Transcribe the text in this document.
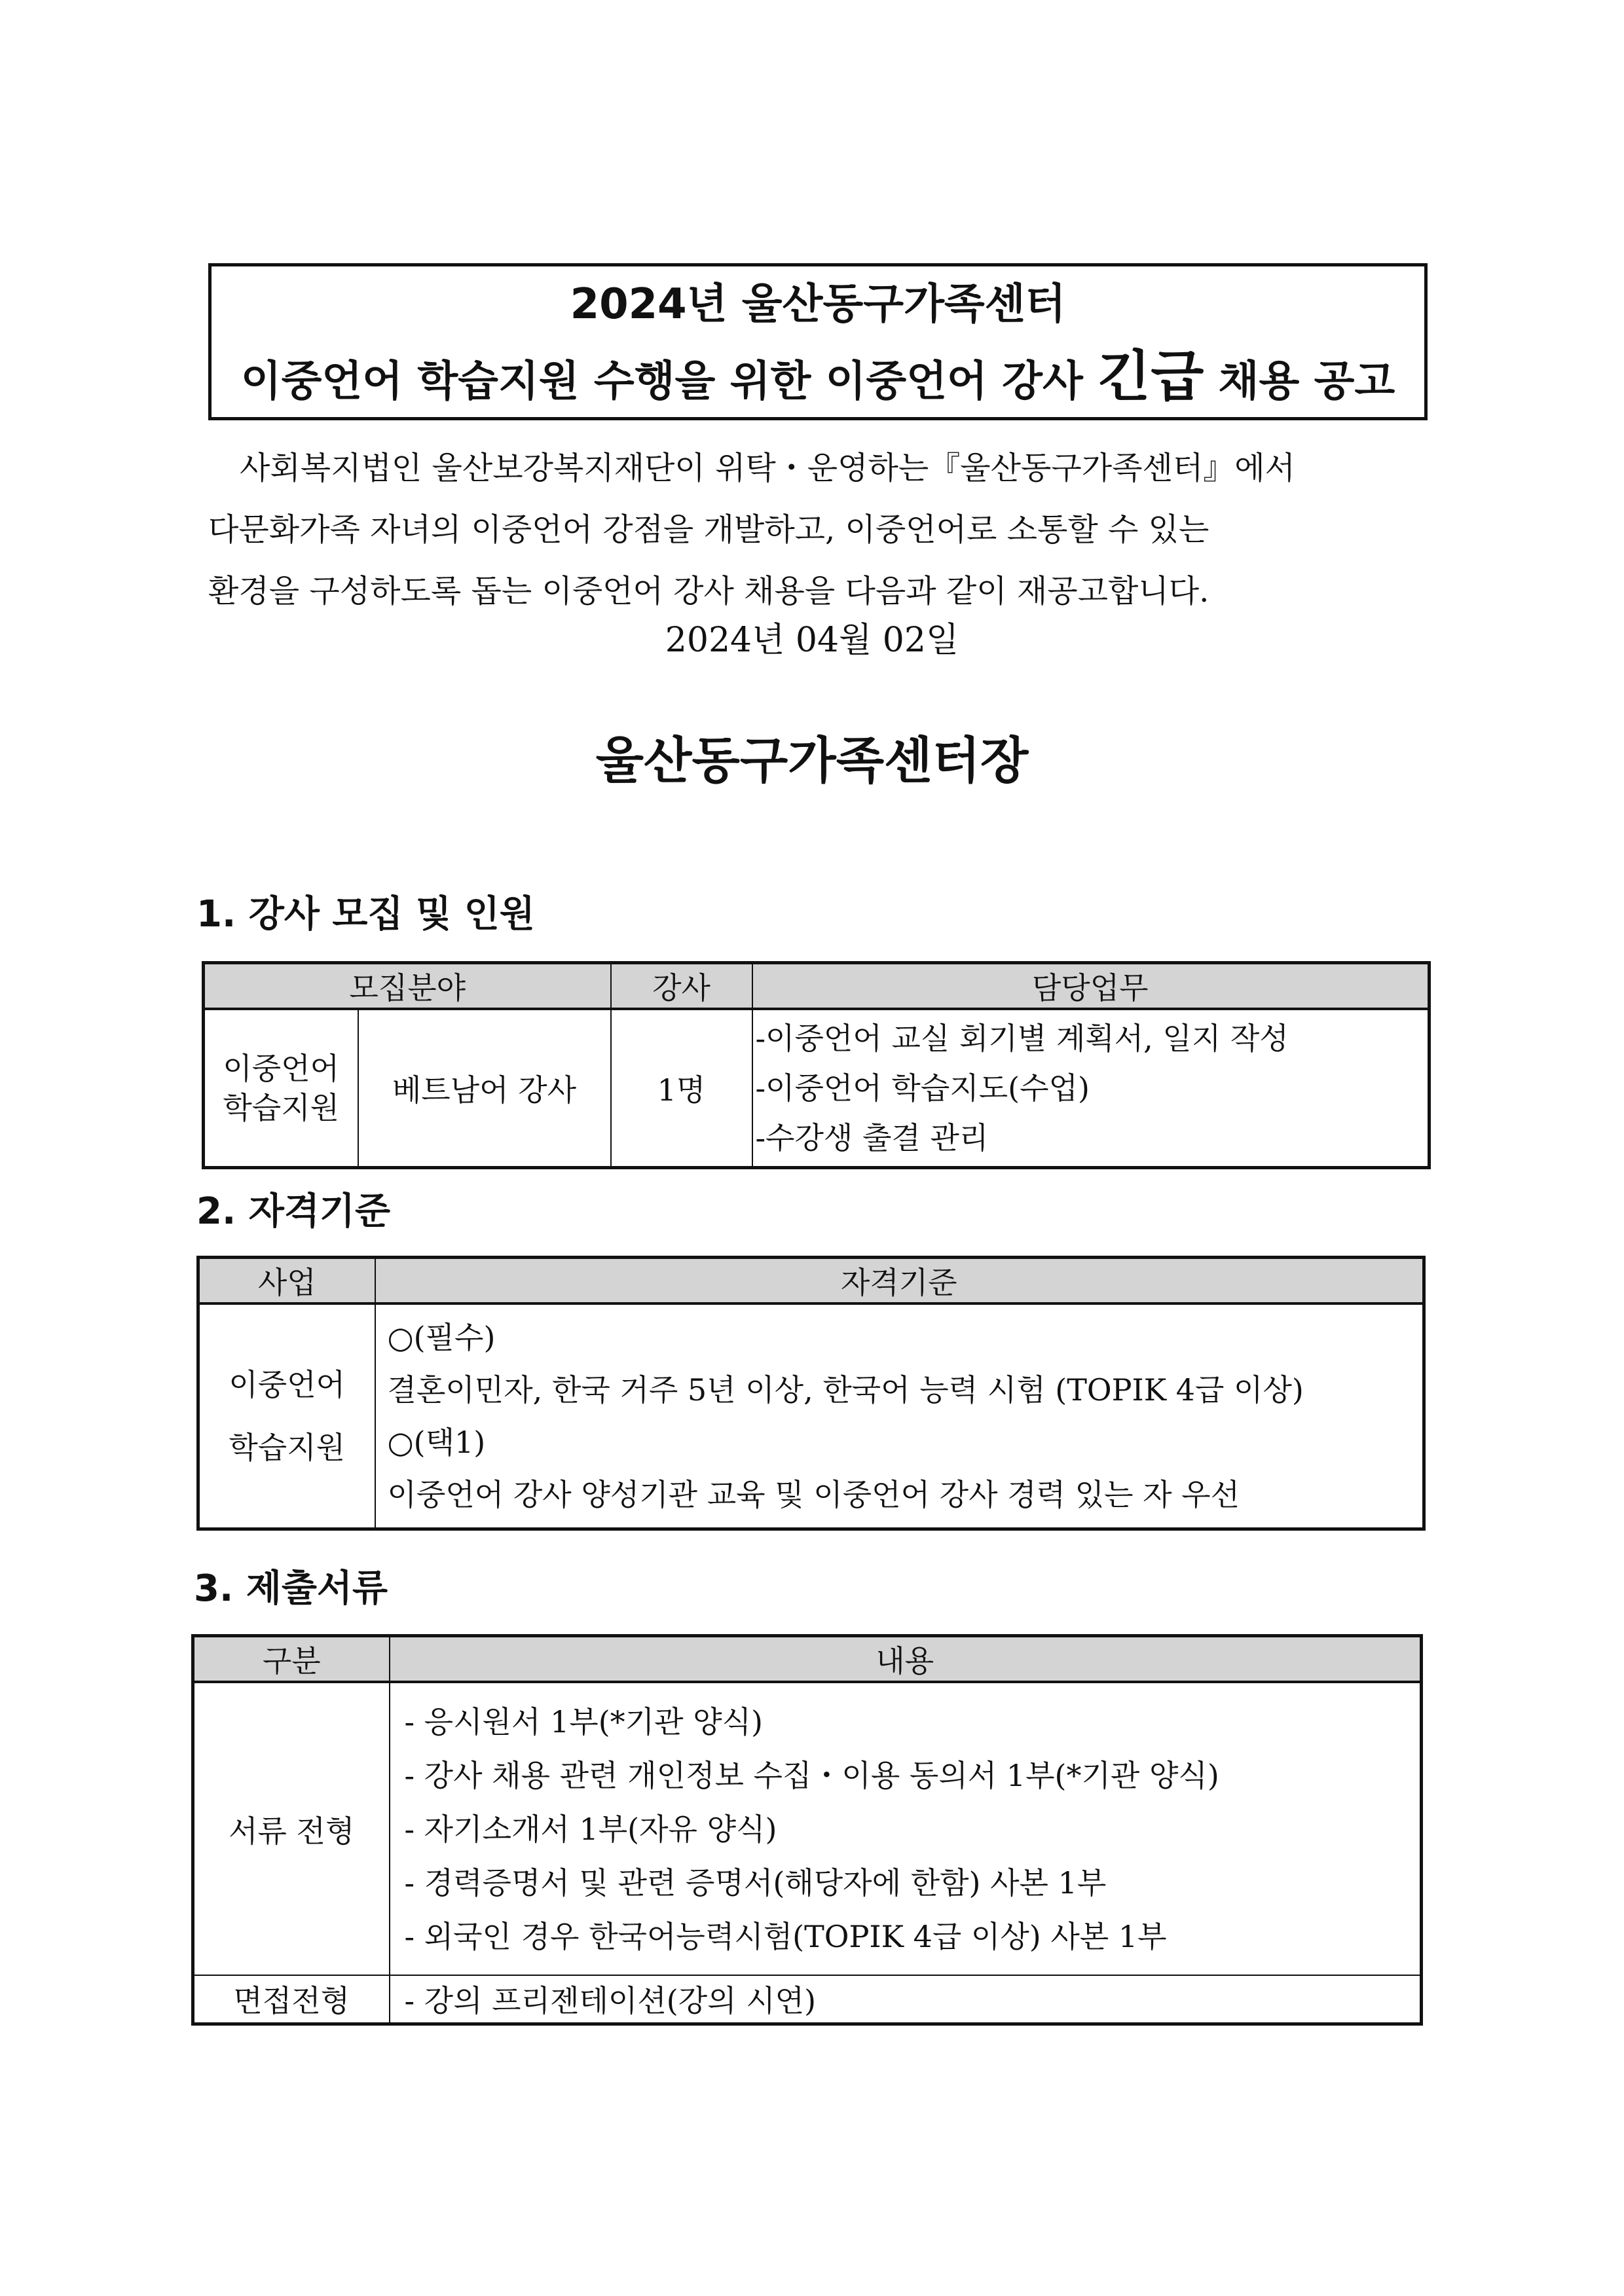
2024년 울산동구가족센터
이중언어 학습지원 수행을 위한 이중언어 강사 긴급 채용 공고
사회복지법인 울산보강복지재단이 위탁・운영하는『울산동구가족센터』에서
다문화가족 자녀의 이중언어 강점을 개발하고, 이중언어로 소통할 수 있는
환경을 구성하도록 돕는 이중언어 강사 채용을 다음과 같이 재공고합니다.
2024년 04월 02일
울산동구가족센터장
1. 강사 모집 및 인원
모집분야		강사	담당업무

이중언어
학습지원	베트남어 강사	1명	-이중언어 교실 회기별 계획서, 일지 작성
-이중언어 학습지도(수업)
-수강생 출결 관리
2. 자격기준
사업	자격기준

이중언어
학습지원	○(필수)
결혼이민자, 한국 거주 5년 이상, 한국어 능력 시험 (TOPIK 4급 이상)
○(택1)
이중언어 강사 양성기관 교육 및 이중언어 강사 경력 있는 자 우선
3. 제출서류
구분	내용
서류 전형	- 응시원서 1부(*기관 양식)
- 강사 채용 관련 개인정보 수집・이용 동의서 1부(*기관 양식)
- 자기소개서 1부(자유 양식)
- 경력증명서 및 관련 증명서(해당자에 한함) 사본 1부
- 외국인 경우 한국어능력시험(TOPIK 4급 이상) 사본 1부

면접전형	- 강의 프리젠테이션(강의 시연)
